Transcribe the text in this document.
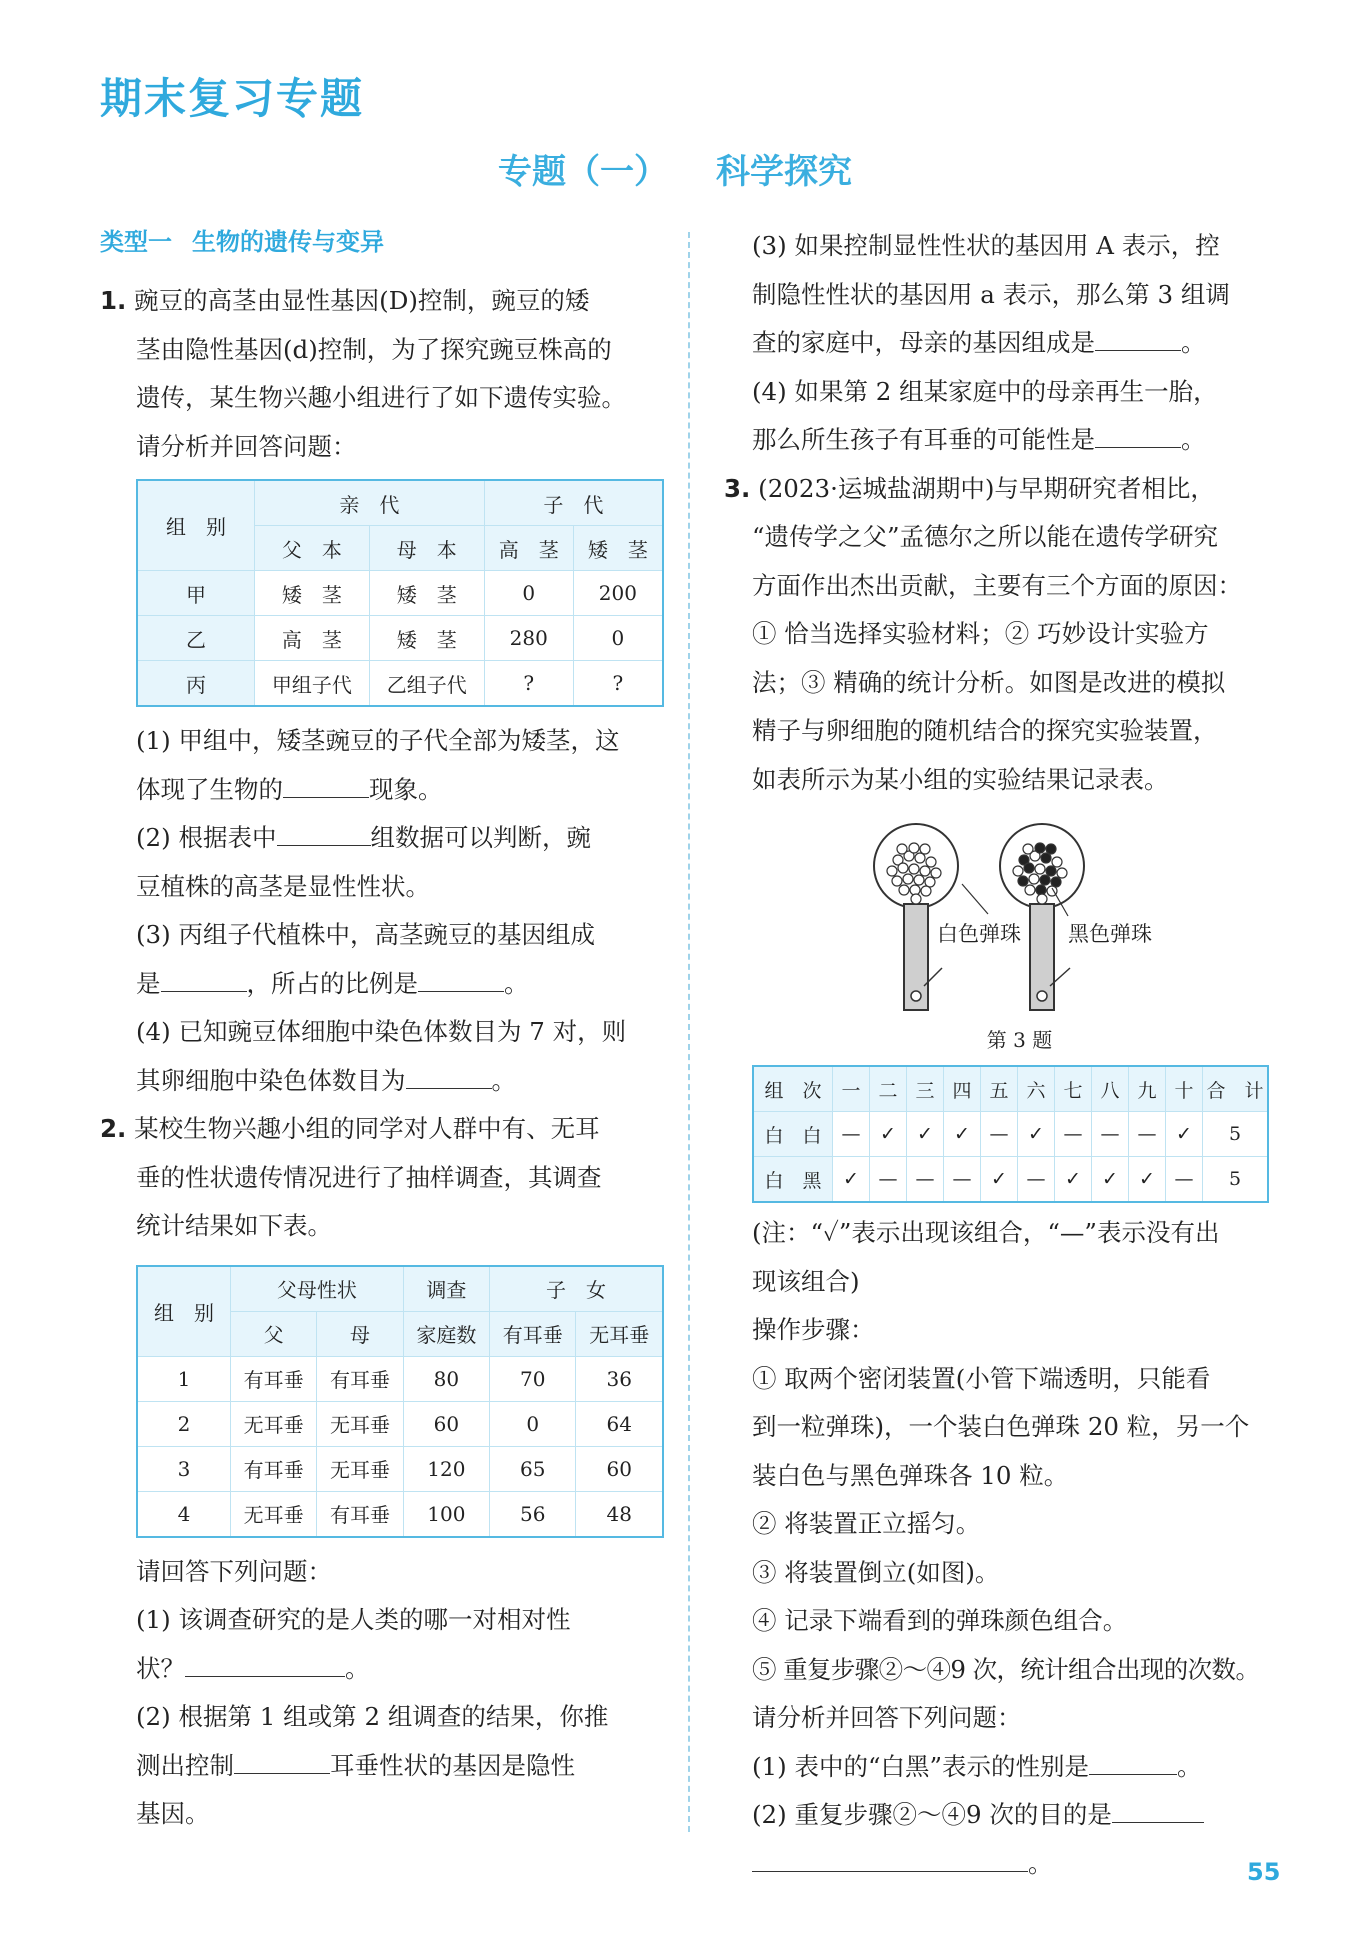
期末复习专题
专题（一） 科学探究
类型一 生物的遗传与变异

1. 豌豆的高茎由显性基因(D)控制，豌豆的矮

茎由隐性基因(d)控制，为了探究豌豆株高的

遗传，某生物兴趣小组进行了如下遗传实验。

请分析并回答问题：

组　别	亲　代		子　代	
	父　本	母　本	高　茎	矮　茎
甲	矮　茎	矮　茎	0	200
乙	高　茎	矮　茎	280	0
丙	甲组子代	乙组子代	?	?

(1) 甲组中，矮茎豌豆的子代全部为矮茎，这

体现了生物的	现象。

(2) 根据表中	组数据可以判断，豌

豆植株的高茎是显性性状。

(3) 丙组子代植株中，高茎豌豆的基因组成

是	，所占的比例是	。

(4) 已知豌豆体细胞中染色体数目为 7 对，则

其卵细胞中染色体数目为	。

2. 某校生物兴趣小组的同学对人群中有、无耳

垂的性状遗传情况进行了抽样调查，其调查

统计结果如下表。

组　别	父母性状		调查	子　女	
	父	母	家庭数	有耳垂	无耳垂
1	有耳垂	有耳垂	80	70	36
2	无耳垂	无耳垂	60	0	64
3	有耳垂	无耳垂	120	65	60
4	无耳垂	有耳垂	100	56	48

请回答下列问题：

(1) 该调查研究的是人类的哪一对相对性

状？	。

(2) 根据第 1 组或第 2 组调查的结果，你推

测出控制	耳垂性状的基因是隐性

基因。

(3) 如果控制显性性状的基因用 A 表示，控

制隐性性状的基因用 a 表示，那么第 3 组调

查的家庭中，母亲的基因组成是	。

(4) 如果第 2 组某家庭中的母亲再生一胎，

那么所生孩子有耳垂的可能性是	。

3. (2023·运城盐湖期中)与早期研究者相比，

“遗传学之父”孟德尔之所以能在遗传学研究

方面作出杰出贡献，主要有三个方面的原因：

① 恰当选择实验材料；② 巧妙设计实验方

法；③ 精确的统计分析。如图是改进的模拟

精子与卵细胞的随机结合的探究实验装置，

如表所示为某小组的实验结果记录表。

白色弹珠 黑色弹珠

第 3 题

组　次	一	二	三	四	五	六	七	八	九	十	合　计
白　白	—	✓	✓	✓	—	✓	—	—	—	✓	5
白　黑	✓	—	—	—	✓	—	✓	✓	✓	—	5

(注：“✓”表示出现该组合，“—”表示没有出

现该组合)

操作步骤：

① 取两个密闭装置(小管下端透明，只能看

到一粒弹珠)，一个装白色弹珠 20 粒，另一个

装白色与黑色弹珠各 10 粒。

② 将装置正立摇匀。

③ 将装置倒立(如图)。

④ 记录下端看到的弹珠颜色组合。

⑤ 重复步骤②～④9 次，统计组合出现的次数。

请分析并回答下列问题：

(1) 表中的“白黑”表示的性别是	。

(2) 重复步骤②～④9 次的目的是

。	55
